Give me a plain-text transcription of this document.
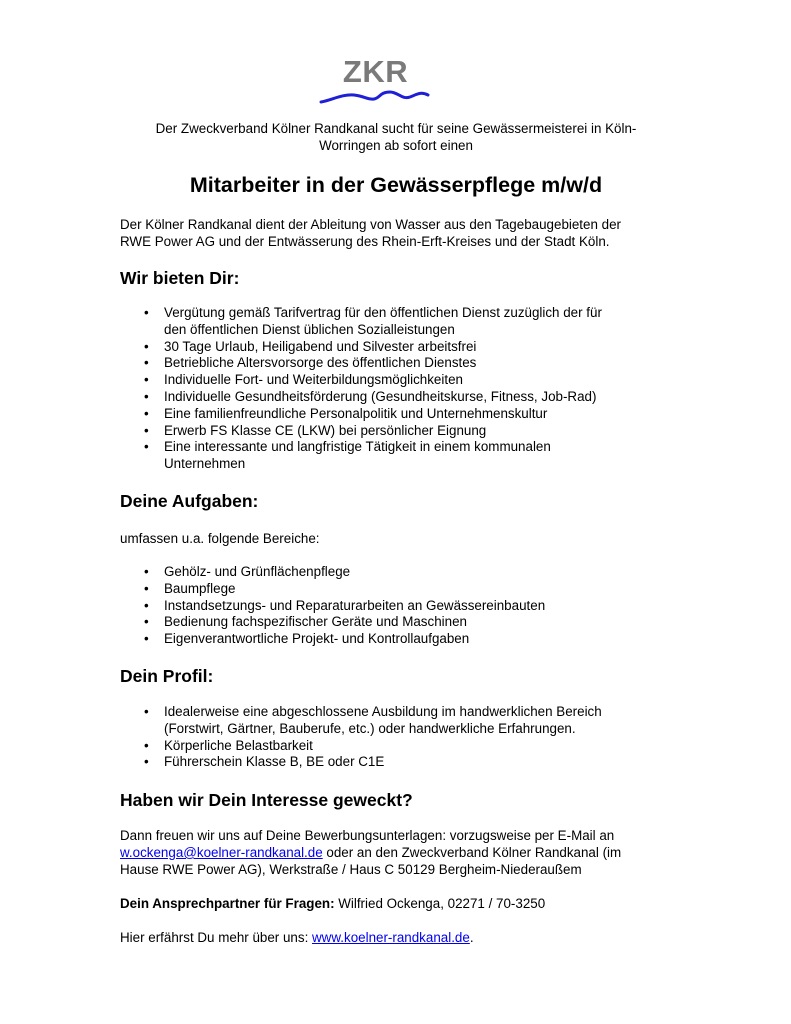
ZKR
Der Zweckverband Kölner Randkanal sucht für seine Gewässermeisterei in Köln-
Worringen ab sofort einen
Mitarbeiter in der Gewässerpflege m/w/d
Der Kölner Randkanal dient der Ableitung von Wasser aus den Tagebaugebieten der
RWE Power AG und der Entwässerung des Rhein-Erft-Kreises und der Stadt Köln.
Wir bieten Dir:
• Vergütung gemäß Tarifvertrag für den öffentlichen Dienst zuzüglich der für
den öffentlichen Dienst üblichen Sozialleistungen
• 30 Tage Urlaub, Heiligabend und Silvester arbeitsfrei
• Betriebliche Altersvorsorge des öffentlichen Dienstes
• Individuelle Fort- und Weiterbildungsmöglichkeiten
• Individuelle Gesundheitsförderung (Gesundheitskurse, Fitness, Job-Rad)
• Eine familienfreundliche Personalpolitik und Unternehmenskultur
• Erwerb FS Klasse CE (LKW) bei persönlicher Eignung
• Eine interessante und langfristige Tätigkeit in einem kommunalen
Unternehmen
Deine Aufgaben:
umfassen u.a. folgende Bereiche:
• Gehölz- und Grünflächenpflege
• Baumpflege
• Instandsetzungs- und Reparaturarbeiten an Gewässereinbauten
• Bedienung fachspezifischer Geräte und Maschinen
• Eigenverantwortliche Projekt- und Kontrollaufgaben
Dein Profil:
• Idealerweise eine abgeschlossene Ausbildung im handwerklichen Bereich
(Forstwirt, Gärtner, Bauberufe, etc.) oder handwerkliche Erfahrungen.
• Körperliche Belastbarkeit
• Führerschein Klasse B, BE oder C1E
Haben wir Dein Interesse geweckt?
Dann freuen wir uns auf Deine Bewerbungsunterlagen: vorzugsweise per E-Mail an
w.ockenga@koelner-randkanal.de oder an den Zweckverband Kölner Randkanal (im
Hause RWE Power AG), Werkstraße / Haus C 50129 Bergheim-Niederaußem
Dein Ansprechpartner für Fragen: Wilfried Ockenga, 02271 / 70-3250
Hier erfährst Du mehr über uns: www.koelner-randkanal.de.
